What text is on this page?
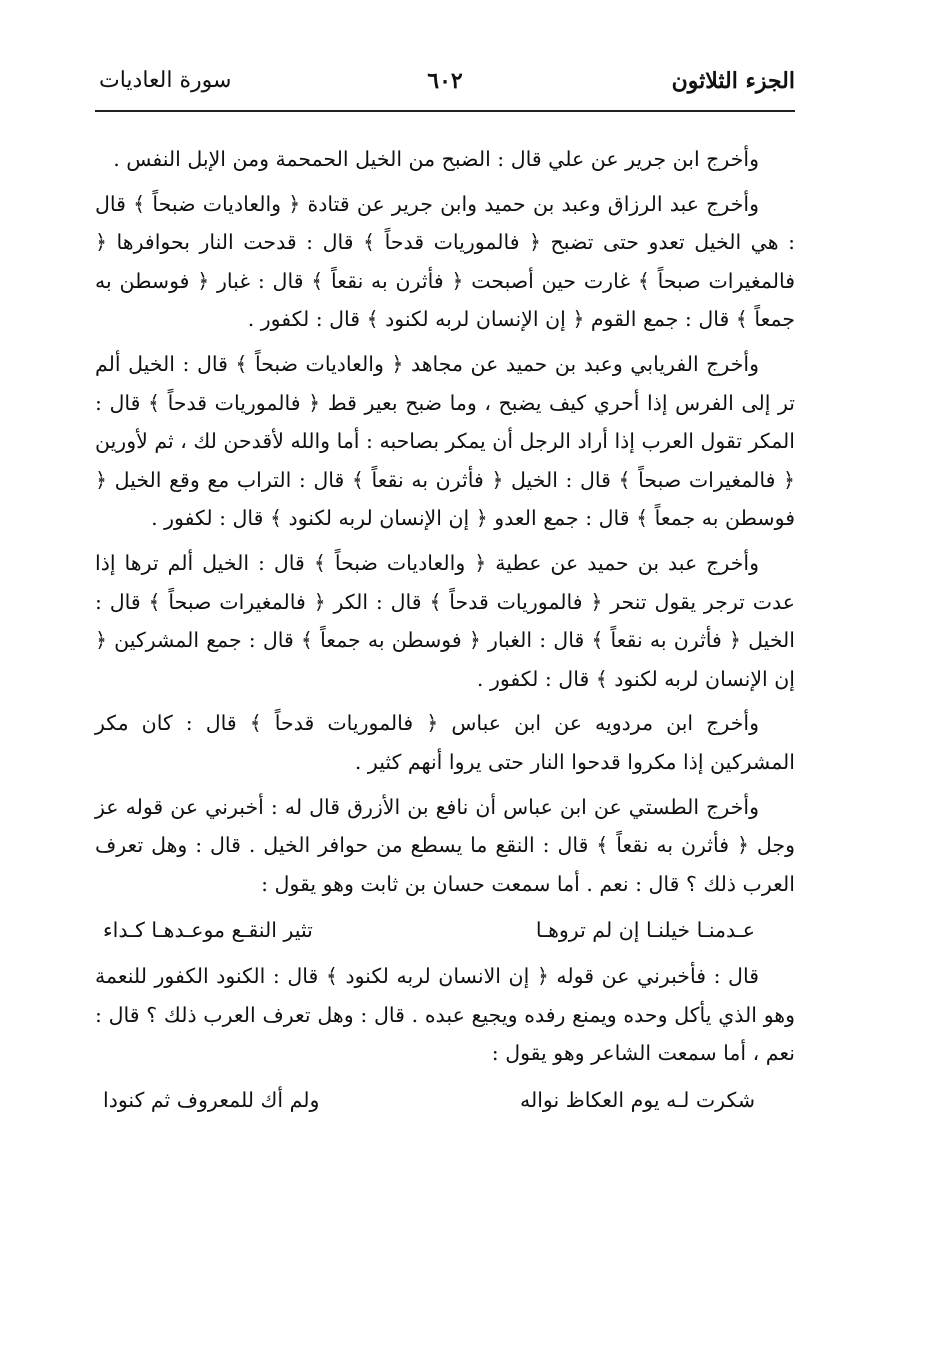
الجزء الثلاثون
٦٠٢
سورة العاديات

وأخرج ابن جرير عن علي قال : الضبح من الخيل الحمحمة ومن الإبل النفس .

وأخرج عبد الرزاق وعبد بن حميد وابن جرير عن قتادة ﴿ والعاديات ضبحاً ﴾ قال : هي الخيل تعدو حتى تضبح ﴿ فالموريات قدحاً ﴾ قال : قدحت النار بحوافرها ﴿ فالمغيرات صبحاً ﴾ غارت حين أصبحت ﴿ فأثرن به نقعاً ﴾ قال : غبار ﴿ فوسطن به جمعاً ﴾ قال : جمع القوم ﴿ إن الإنسان لربه لكنود ﴾ قال : لكفور .

وأخرج الفريابي وعبد بن حميد عن مجاهد ﴿ والعاديات ضبحاً ﴾ قال : الخيل ألم تر إلى الفرس إذا أحري كيف يضبح ، وما ضبح بعير قط ﴿ فالموريات قدحاً ﴾ قال : المكر تقول العرب إذا أراد الرجل أن يمكر بصاحبه : أما والله لأقدحن لك ، ثم لأورين ﴿ فالمغيرات صبحاً ﴾ قال : الخيل ﴿ فأثرن به نقعاً ﴾ قال : التراب مع وقع الخيل ﴿ فوسطن به جمعاً ﴾ قال : جمع العدو ﴿ إن الإنسان لربه لكنود ﴾ قال : لكفور .

وأخرج عبد بن حميد عن عطية ﴿ والعاديات ضبحاً ﴾ قال : الخيل ألم ترها إذا عدت ترجر يقول تنحر ﴿ فالموريات قدحاً ﴾ قال : الكر ﴿ فالمغيرات صبحاً ﴾ قال : الخيل ﴿ فأثرن به نقعاً ﴾ قال : الغبار ﴿ فوسطن به جمعاً ﴾ قال : جمع المشركين ﴿ إن الإنسان لربه لكنود ﴾ قال : لكفور .

وأخرج ابن مردويه عن ابن عباس ﴿ فالموريات قدحاً ﴾ قال : كان مكر المشركين إذا مكروا قدحوا النار حتى يروا أنهم كثير .

وأخرج الطستي عن ابن عباس أن نافع بن الأزرق قال له : أخبرني عن قوله عز وجل ﴿ فأثرن به نقعاً ﴾ قال : النقع ما يسطع من حوافر الخيل . قال : وهل تعرف العرب ذلك ؟ قال : نعم . أما سمعت حسان بن ثابت وهو يقول :

عـدمنـا خيلنـا إن لم تروهـا
تثير النقـع موعـدهـا كـداء

قال : فأخبرني عن قوله ﴿ إن الانسان لربه لكنود ﴾ قال : الكنود الكفور للنعمة وهو الذي يأكل وحده ويمنع رفده ويجيع عبده . قال : وهل تعرف العرب ذلك ؟ قال : نعم ، أما سمعت الشاعر وهو يقول :

شكرت لـه يوم العكاظ نواله
ولم أك للمعروف ثم كنودا
